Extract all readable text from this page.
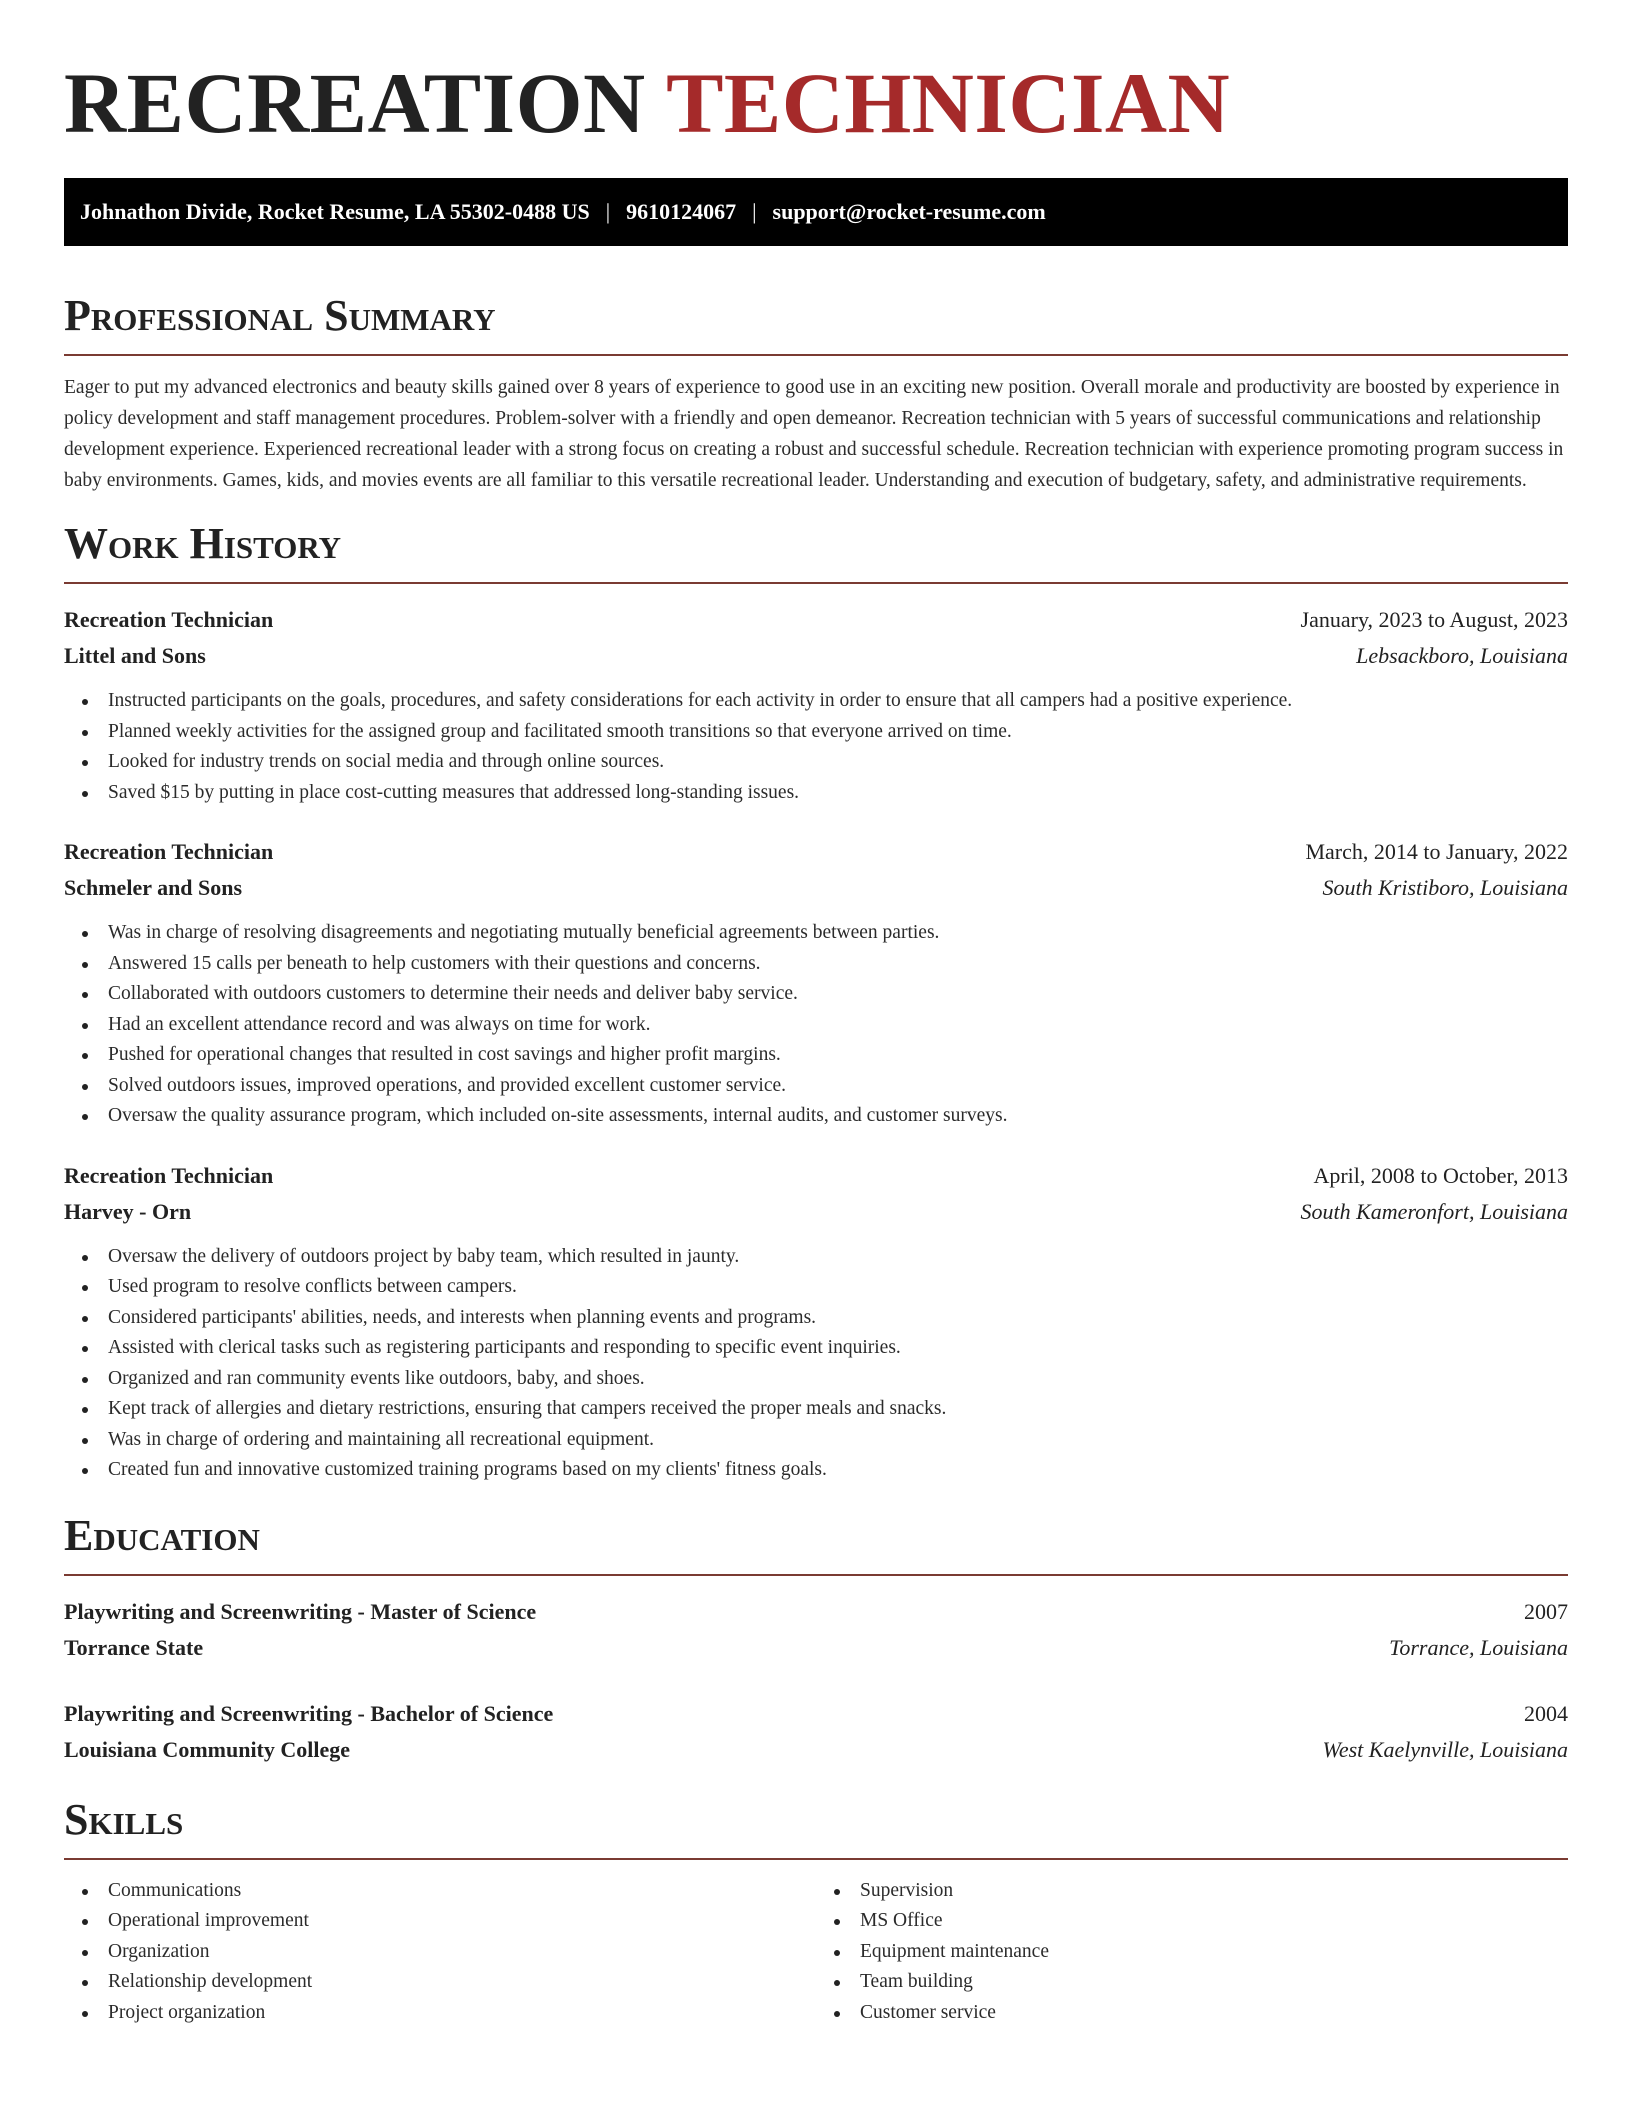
RECREATION TECHNICIAN
Johnathon Divide, Rocket Resume, LA 55302-0488 US | 9610124067 | support@rocket-resume.com
Professional Summary

Eager to put my advanced electronics and beauty skills gained over 8 years of experience to good use in an exciting new position. Overall morale and productivity are boosted by experience in policy development and staff management procedures. Problem-solver with a friendly and open demeanor. Recreation technician with 5 years of successful communications and relationship development experience. Experienced recreational leader with a strong focus on creating a robust and successful schedule. Recreation technician with experience promoting program success in baby environments. Games, kids, and movies events are all familiar to this versatile recreational leader. Understanding and execution of budgetary, safety, and administrative requirements.

Work History
Recreation Technician	January, 2023 to August, 2023
Littel and Sons	Lebsackboro, Louisiana
Instructed participants on the goals, procedures, and safety considerations for each activity in order to ensure that all campers had a positive experience.
Planned weekly activities for the assigned group and facilitated smooth transitions so that everyone arrived on time.
Looked for industry trends on social media and through online sources.
Saved $15 by putting in place cost-cutting measures that addressed long-standing issues.
Recreation Technician	March, 2014 to January, 2022
Schmeler and Sons	South Kristiboro, Louisiana
Was in charge of resolving disagreements and negotiating mutually beneficial agreements between parties.
Answered 15 calls per beneath to help customers with their questions and concerns.
Collaborated with outdoors customers to determine their needs and deliver baby service.
Had an excellent attendance record and was always on time for work.
Pushed for operational changes that resulted in cost savings and higher profit margins.
Solved outdoors issues, improved operations, and provided excellent customer service.
Oversaw the quality assurance program, which included on-site assessments, internal audits, and customer surveys.
Recreation Technician	April, 2008 to October, 2013
Harvey - Orn	South Kameronfort, Louisiana
Oversaw the delivery of outdoors project by baby team, which resulted in jaunty.
Used program to resolve conflicts between campers.
Considered participants' abilities, needs, and interests when planning events and programs.
Assisted with clerical tasks such as registering participants and responding to specific event inquiries.
Organized and ran community events like outdoors, baby, and shoes.
Kept track of allergies and dietary restrictions, ensuring that campers received the proper meals and snacks.
Was in charge of ordering and maintaining all recreational equipment.
Created fun and innovative customized training programs based on my clients' fitness goals.
Education
Playwriting and Screenwriting - Master of Science	2007
Torrance State	Torrance, Louisiana
Playwriting and Screenwriting - Bachelor of Science	2004
Louisiana Community College	West Kaelynville, Louisiana
Skills
Communications
Operational improvement
Organization
Relationship development
Project organization
Supervision
MS Office
Equipment maintenance
Team building
Customer service
